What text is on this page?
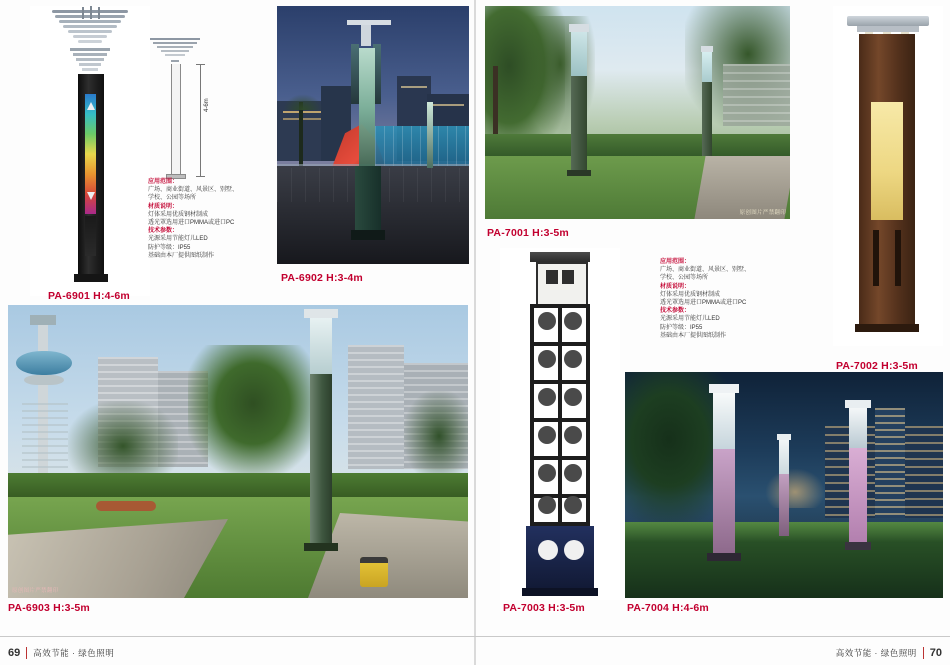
4-6m
应用范围：
广场、商业街道、风景区、别墅、
学校、公园等场所
材质说明：
灯体采用优质钢材制成
透光罩选用进口PMMA或进口PC
技术参数：
光源采用节能灯儿LED
防护等级：IP55
基础由本厂提供图纸制作
PA-6901 H:4-6m
PA-6902 H:3-4m
原创图片严禁翻印
PA-7001 H:3-5m
PA-7002 H:3-5m
应用范围：
广场、商业街道、风景区、别墅、
学校、公园等场所
材质说明：
灯体采用优质钢材制成
透光罩选用进口PMMA或进口PC
技术参数：
光源采用节能灯儿LED
防护等级：IP55
基础由本厂提供图纸制作
原创图片严禁翻印
PA-6903 H:3-5m	PA-7003 H:3-5m	PA-7004 H:4-6m
69 高效节能 · 绿色照明	高效节能 · 绿色照明 70
